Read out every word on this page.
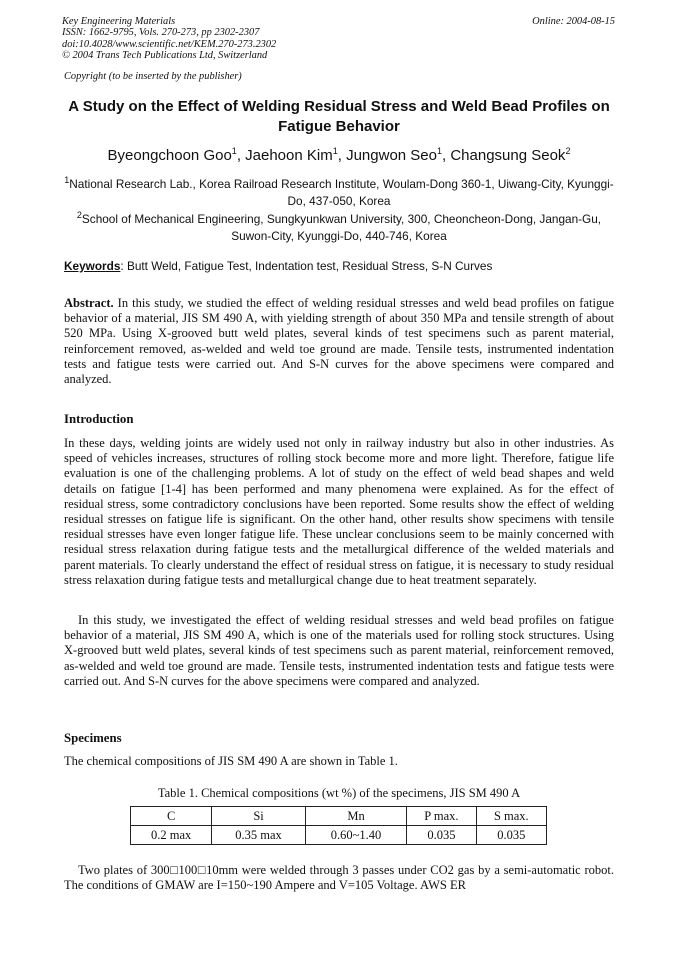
Key Engineering Materials
ISSN: 1662-9795, Vols. 270-273, pp 2302-2307
doi:10.4028/www.scientific.net/KEM.270-273.2302
© 2004 Trans Tech Publications Ltd, Switzerland
Online: 2004-08-15
Copyright (to be inserted by the publisher)
A Study on the Effect of Welding Residual Stress and Weld Bead Profiles on Fatigue Behavior
Byeongchoon Goo$^1$, Jaehoon Kim$^1$, Jungwon Seo$^1$, Changsung Seok$^2$
$^1$National Research Lab., Korea Railroad Research Institute, Woulam-Dong 360-1, Uiwang-City, Kyunggi-Do, 437-050, Korea
$^2$School of Mechanical Engineering, Sungkyunkwan University, 300, Cheoncheon-Dong, Jangan-Gu, Suwon-City, Kyunggi-Do, 440-746, Korea
Keywords: Butt Weld, Fatigue Test, Indentation test, Residual Stress, S-N Curves
Abstract. In this study, we studied the effect of welding residual stresses and weld bead profiles on fatigue behavior of a material, JIS SM 490 A, with yielding strength of about 350 MPa and tensile strength of about 520 MPa. Using X-grooved butt weld plates, several kinds of test specimens such as parent material, reinforcement removed, as-welded and weld toe ground are made. Tensile tests, instrumented indentation tests and fatigue tests were carried out. And S-N curves for the above specimens were compared and analyzed.
Introduction
In these days, welding joints are widely used not only in railway industry but also in other industries. As speed of vehicles increases, structures of rolling stock become more and more light. Therefore, fatigue life evaluation is one of the challenging problems. A lot of study on the effect of weld bead shapes and weld details on fatigue [1-4] has been performed and many phenomena were explained. As for the effect of residual stress, some contradictory conclusions have been reported. Some results show the effect of welding residual stresses on fatigue life is significant. On the other hand, other results show specimens with tensile residual stresses have even longer fatigue life. These unclear conclusions seem to be mainly concerned with residual stress relaxation during fatigue tests and the metallurgical difference of the welded materials and parent materials. To clearly understand the effect of residual stress on fatigue, it is necessary to study residual stress relaxation during fatigue tests and metallurgical change due to heat treatment separately.
In this study, we investigated the effect of welding residual stresses and weld bead profiles on fatigue behavior of a material, JIS SM 490 A, which is one of the materials used for rolling stock structures. Using X-grooved butt weld plates, several kinds of test specimens such as parent material, reinforcement removed, as-welded and weld toe ground are made. Tensile tests, instrumented indentation tests and fatigue tests were carried out. And S-N curves for the above specimens were compared and analyzed.
Specimens
The chemical compositions of JIS SM 490 A are shown in Table 1.
Table 1. Chemical compositions (wt %) of the specimens, JIS SM 490 A
C	Si	Mn	P max.	S max.
0.2 max	0.35 max	0.60~1.40	0.035	0.035
Two plates of 300□100□10mm were welded through 3 passes under CO2 gas by a semi-automatic robot. The conditions of GMAW are I=150~190 Ampere and V=105 Voltage. AWS ER
